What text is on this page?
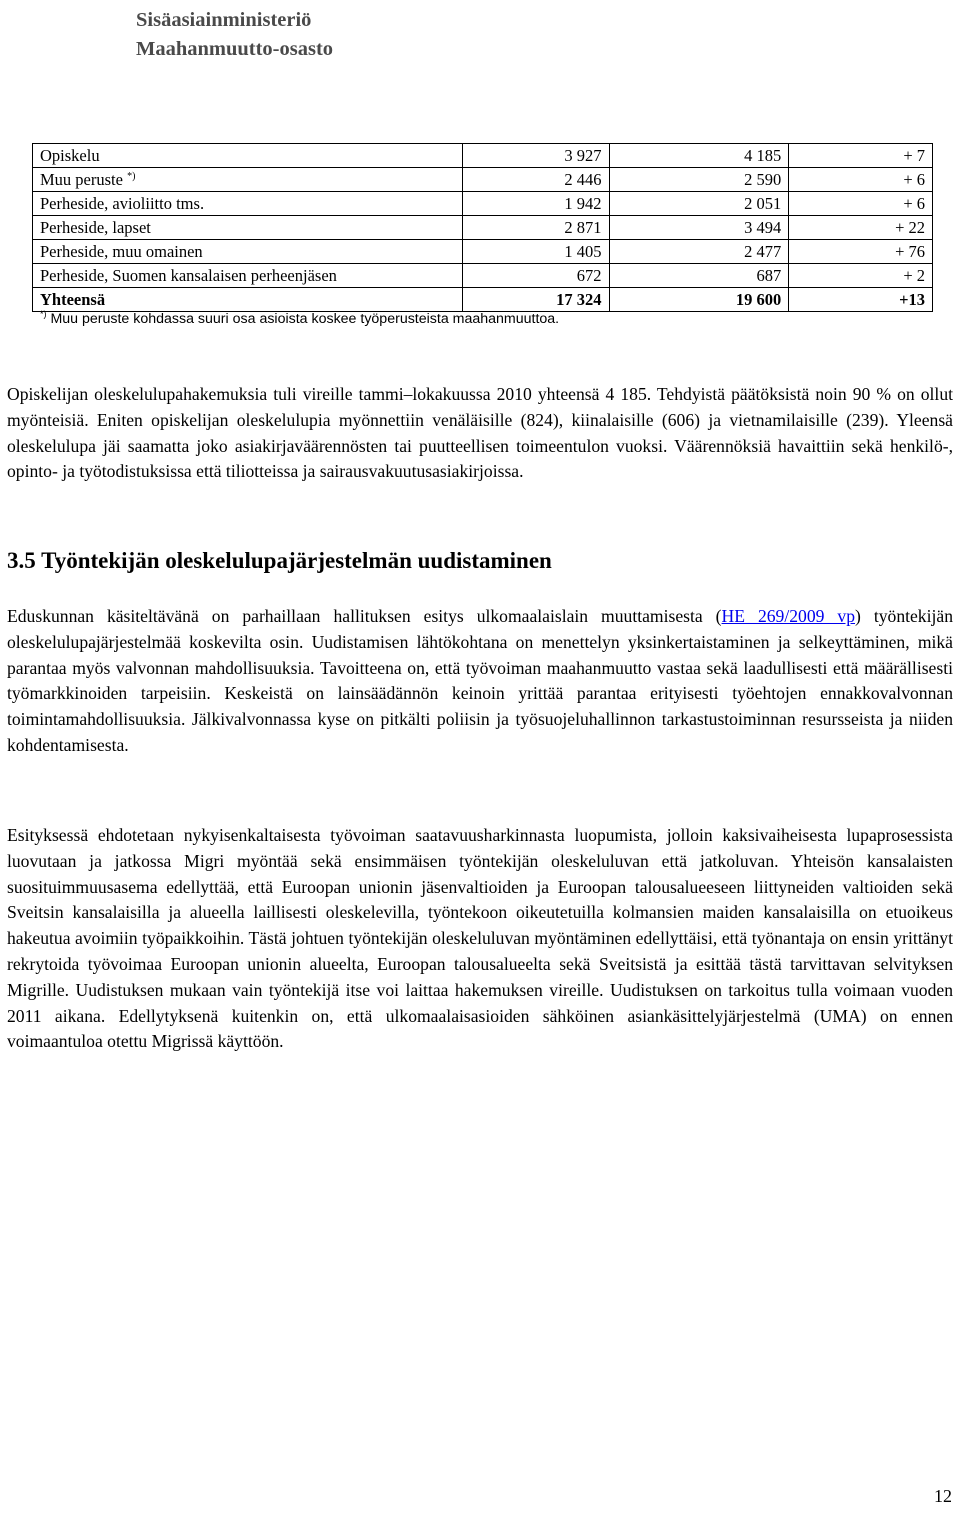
Sisäasiainministeriö
Maahanmuutto-osasto
Opiskelu	3 927	4 185	+ 7
Muu peruste *)	2 446	2 590	+ 6
Perheside, avioliitto tms.	1 942	2 051	+ 6
Perheside, lapset	2 871	3 494	+ 22
Perheside, muu omainen	1 405	2 477	+ 76
Perheside, Suomen kansalaisen perheenjäsen	672	687	+ 2
Yhteensä	17 324	19 600	+13
*) Muu peruste kohdassa suuri osa asioista koskee työperusteista maahanmuuttoa.

Opiskelijan oleskelulupahakemuksia tuli vireille tammi–lokakuussa 2010 yhteensä 4 185. Tehdyistä päätöksistä noin 90 % on ollut myönteisiä. Eniten opiskelijan oleskelulupia myönnettiin venäläisille (824), kiinalaisille (606) ja vietnamilaisille (239). Yleensä oleskelulupa jäi saamatta joko asiakirjaväärennösten tai puutteellisen toimeentulon vuoksi. Väärennöksiä havaittiin sekä henkilö-, opinto- ja työtodistuksissa että tiliotteissa ja sairausvakuutusasiakirjoissa.

3.5 Työntekijän oleskelulupajärjestelmän uudistaminen

Eduskunnan käsiteltävänä on parhaillaan hallituksen esitys ulkomaalaislain muuttamisesta (HE 269/2009 vp) työntekijän oleskelulupajärjestelmää koskevilta osin. Uudistamisen lähtökohtana on menettelyn yksinkertaistaminen ja selkeyttäminen, mikä parantaa myös valvonnan mahdollisuuksia. Tavoitteena on, että työvoiman maahanmuutto vastaa sekä laadullisesti että määrällisesti työmarkkinoiden tarpeisiin. Keskeistä on lainsäädännön keinoin yrittää parantaa erityisesti työehtojen ennakkovalvonnan toimintamahdollisuuksia. Jälkivalvonnassa kyse on pitkälti poliisin ja työsuojeluhallinnon tarkastustoiminnan resursseista ja niiden kohdentamisesta.

Esityksessä ehdotetaan nykyisenkaltaisesta työvoiman saatavuusharkinnasta luopumista, jolloin kaksivaiheisesta lupaprosessista luovutaan ja jatkossa Migri myöntää sekä ensimmäisen työntekijän oleskeluluvan että jatkoluvan. Yhteisön kansalaisten suosituimmuusasema edellyttää, että Euroopan unionin jäsenvaltioiden ja Euroopan talousalueeseen liittyneiden valtioiden sekä Sveitsin kansalaisilla ja alueella laillisesti oleskelevilla, työntekoon oikeutetuilla kolmansien maiden kansalaisilla on etuoikeus hakeutua avoimiin työpaikkoihin. Tästä johtuen työntekijän oleskeluluvan myöntäminen edellyttäisi, että työnantaja on ensin yrittänyt rekrytoida työvoimaa Euroopan unionin alueelta, Euroopan talousalueelta sekä Sveitsistä ja esittää tästä tarvittavan selvityksen Migrille. Uudistuksen mukaan vain työntekijä itse voi laittaa hakemuksen vireille. Uudistuksen on tarkoitus tulla voimaan vuoden 2011 aikana. Edellytyksenä kuitenkin on, että ulkomaalaisasioiden sähköinen asiankäsittelyjärjestelmä (UMA) on ennen voimaantuloa otettu Migrissä käyttöön.

12
